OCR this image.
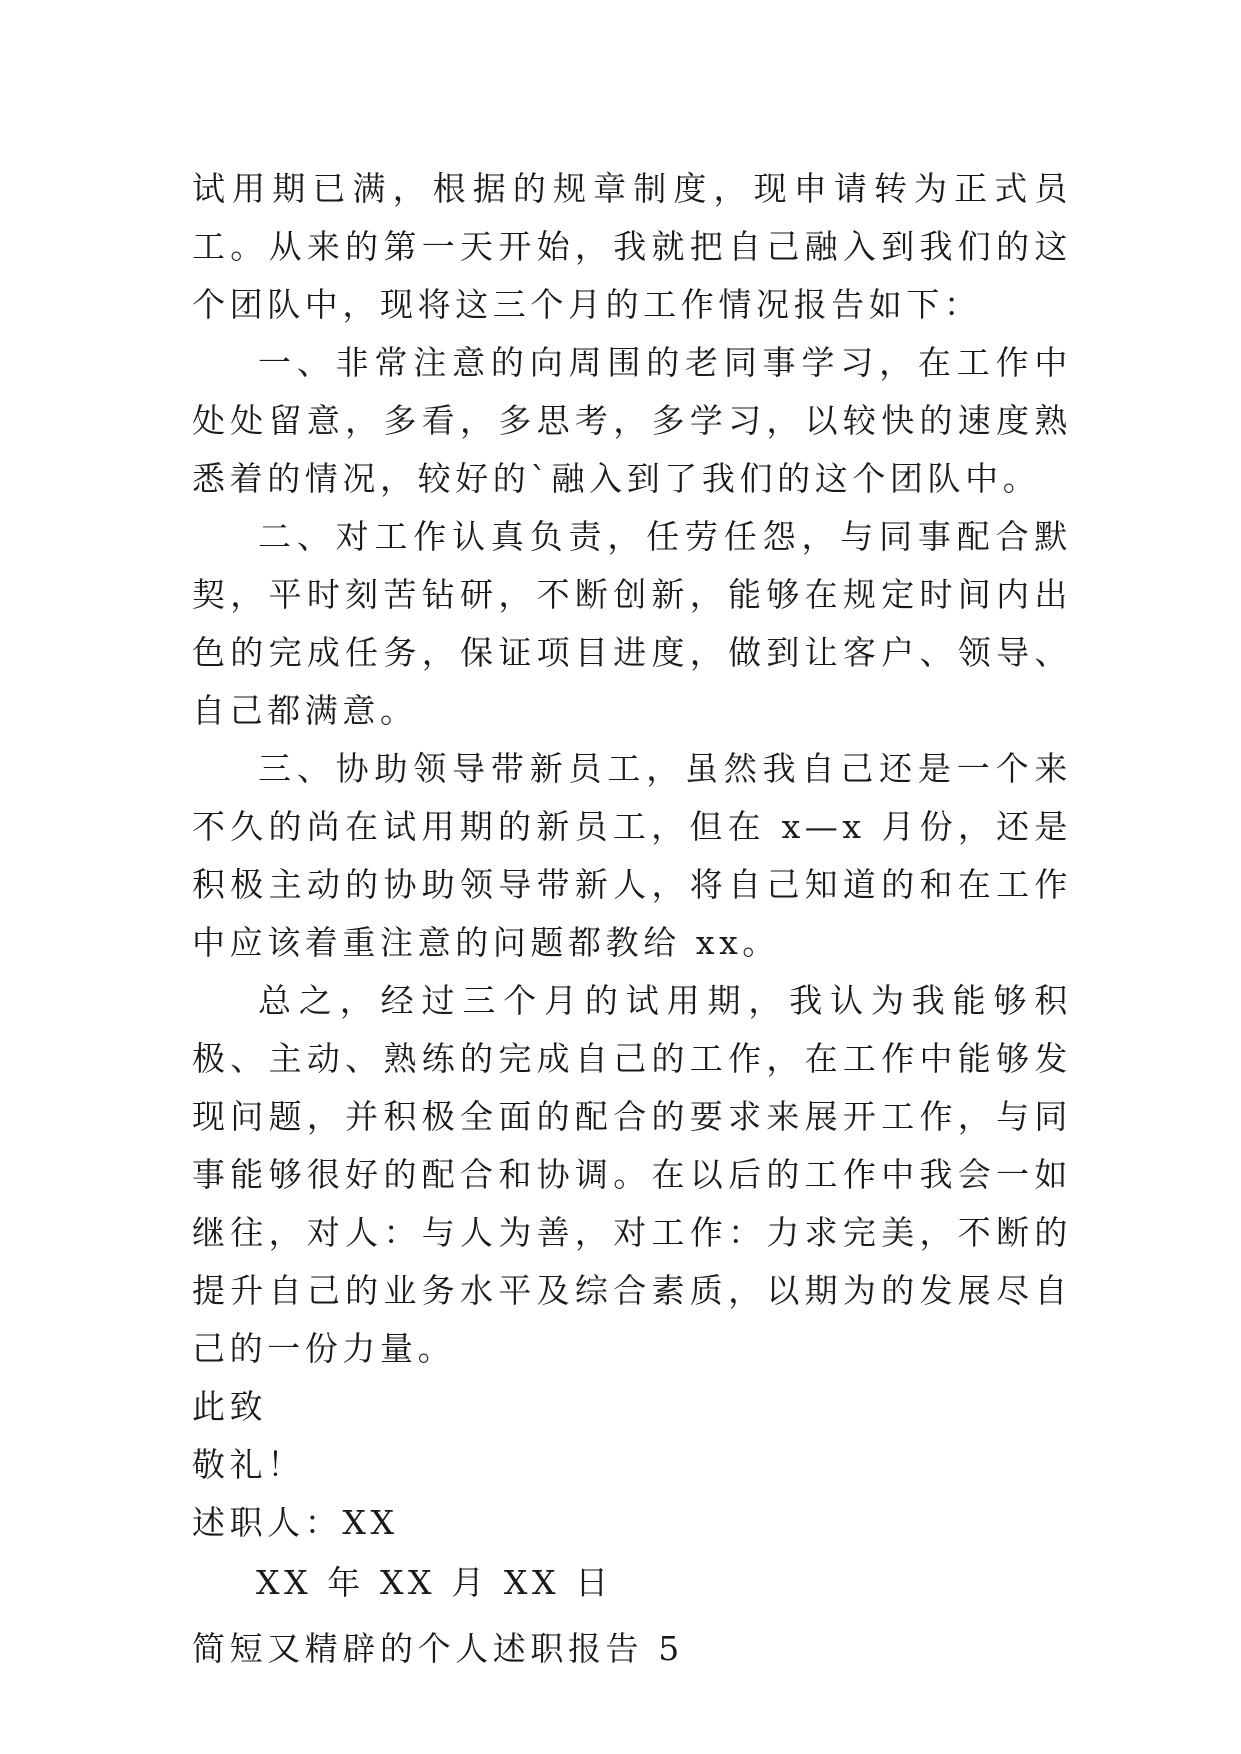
试用期已满，根据的规章制度，现申请转为正式员工。从来的第一天开始，我就把自己融入到我们的这个团队中，现将这三个月的工作情况报告如下：

一、非常注意的向周围的老同事学习，在工作中处处留意，多看，多思考，多学习，以较快的速度熟悉着的情况，较好的`融入到了我们的这个团队中。

二、对工作认真负责，任劳任怨，与同事配合默契，平时刻苦钻研，不断创新，能够在规定时间内出色的完成任务，保证项目进度，做到让客户、领导、自己都满意。

三、协助领导带新员工，虽然我自己还是一个来不久的尚在试用期的新员工，但在 x—x 月份，还是积极主动的协助领导带新人，将自己知道的和在工作中应该着重注意的问题都教给 xx。

总之，经过三个月的试用期，我认为我能够积极、主动、熟练的完成自己的工作，在工作中能够发现问题，并积极全面的配合的要求来展开工作，与同事能够很好的配合和协调。在以后的工作中我会一如继往，对人：与人为善，对工作：力求完美，不断的提升自己的业务水平及综合素质，以期为的发展尽自己的一份力量。

此致

敬礼！

述职人：XX

XX 年 XX 月 XX 日

简短又精辟的个人述职报告 5
